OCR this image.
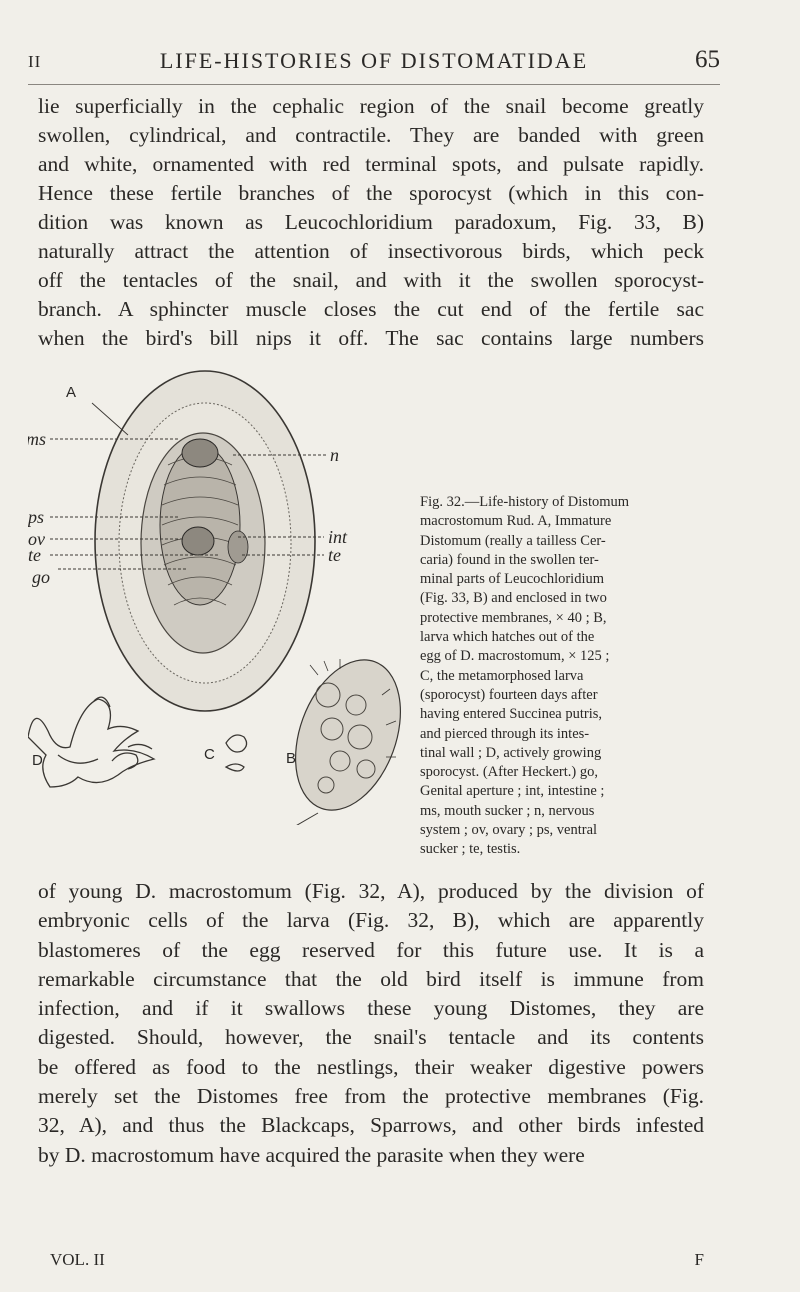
II	LIFE-HISTORIES OF DISTOMATIDAE	65

lie superficially in the cephalic region of the snail become greatly
swollen, cylindrical, and contractile. They are banded with green
and white, ornamented with red terminal spots, and pulsate rapidly.
Hence these fertile branches of the sporocyst (which in this con-
dition was known as Leucochloridium paradoxum, Fig. 33, B)
naturally attract the attention of insectivorous birds, which peck
off the tentacles of the snail, and with it the swollen sporocyst-
branch. A sphincter muscle closes the cut end of the fertile sac
when the bird's bill nips it off. The sac contains large numbers

A
ms
ps
ov
te
go
n
int
te
B
C
D

Fig. 32.—Life-history of Distomum
macrostomum Rud. A, Immature
Distomum (really a tailless Cer-
caria) found in the swollen ter-
minal parts of Leucochloridium
(Fig. 33, B) and enclosed in two
protective membranes, × 40 ; B,
larva which hatches out of the
egg of D. macrostomum, × 125 ;
C, the metamorphosed larva
(sporocyst) fourteen days after
having entered Succinea putris,
and pierced through its intes-
tinal wall ; D, actively growing
sporocyst. (After Heckert.) go,
Genital aperture ; int, intestine ;
ms, mouth sucker ; n, nervous
system ; ov, ovary ; ps, ventral
sucker ; te, testis.

of young D. macrostomum (Fig. 32, A), produced by the division of
embryonic cells of the larva (Fig. 32, B), which are apparently
blastomeres of the egg reserved for this future use. It is a
remarkable circumstance that the old bird itself is immune from
infection, and if it swallows these young Distomes, they are
digested. Should, however, the snail's tentacle and its contents
be offered as food to the nestlings, their weaker digestive powers
merely set the Distomes free from the protective membranes (Fig.
32, A), and thus the Blackcaps, Sparrows, and other birds infested
by D. macrostomum have acquired the parasite when they were

VOL. II	F
